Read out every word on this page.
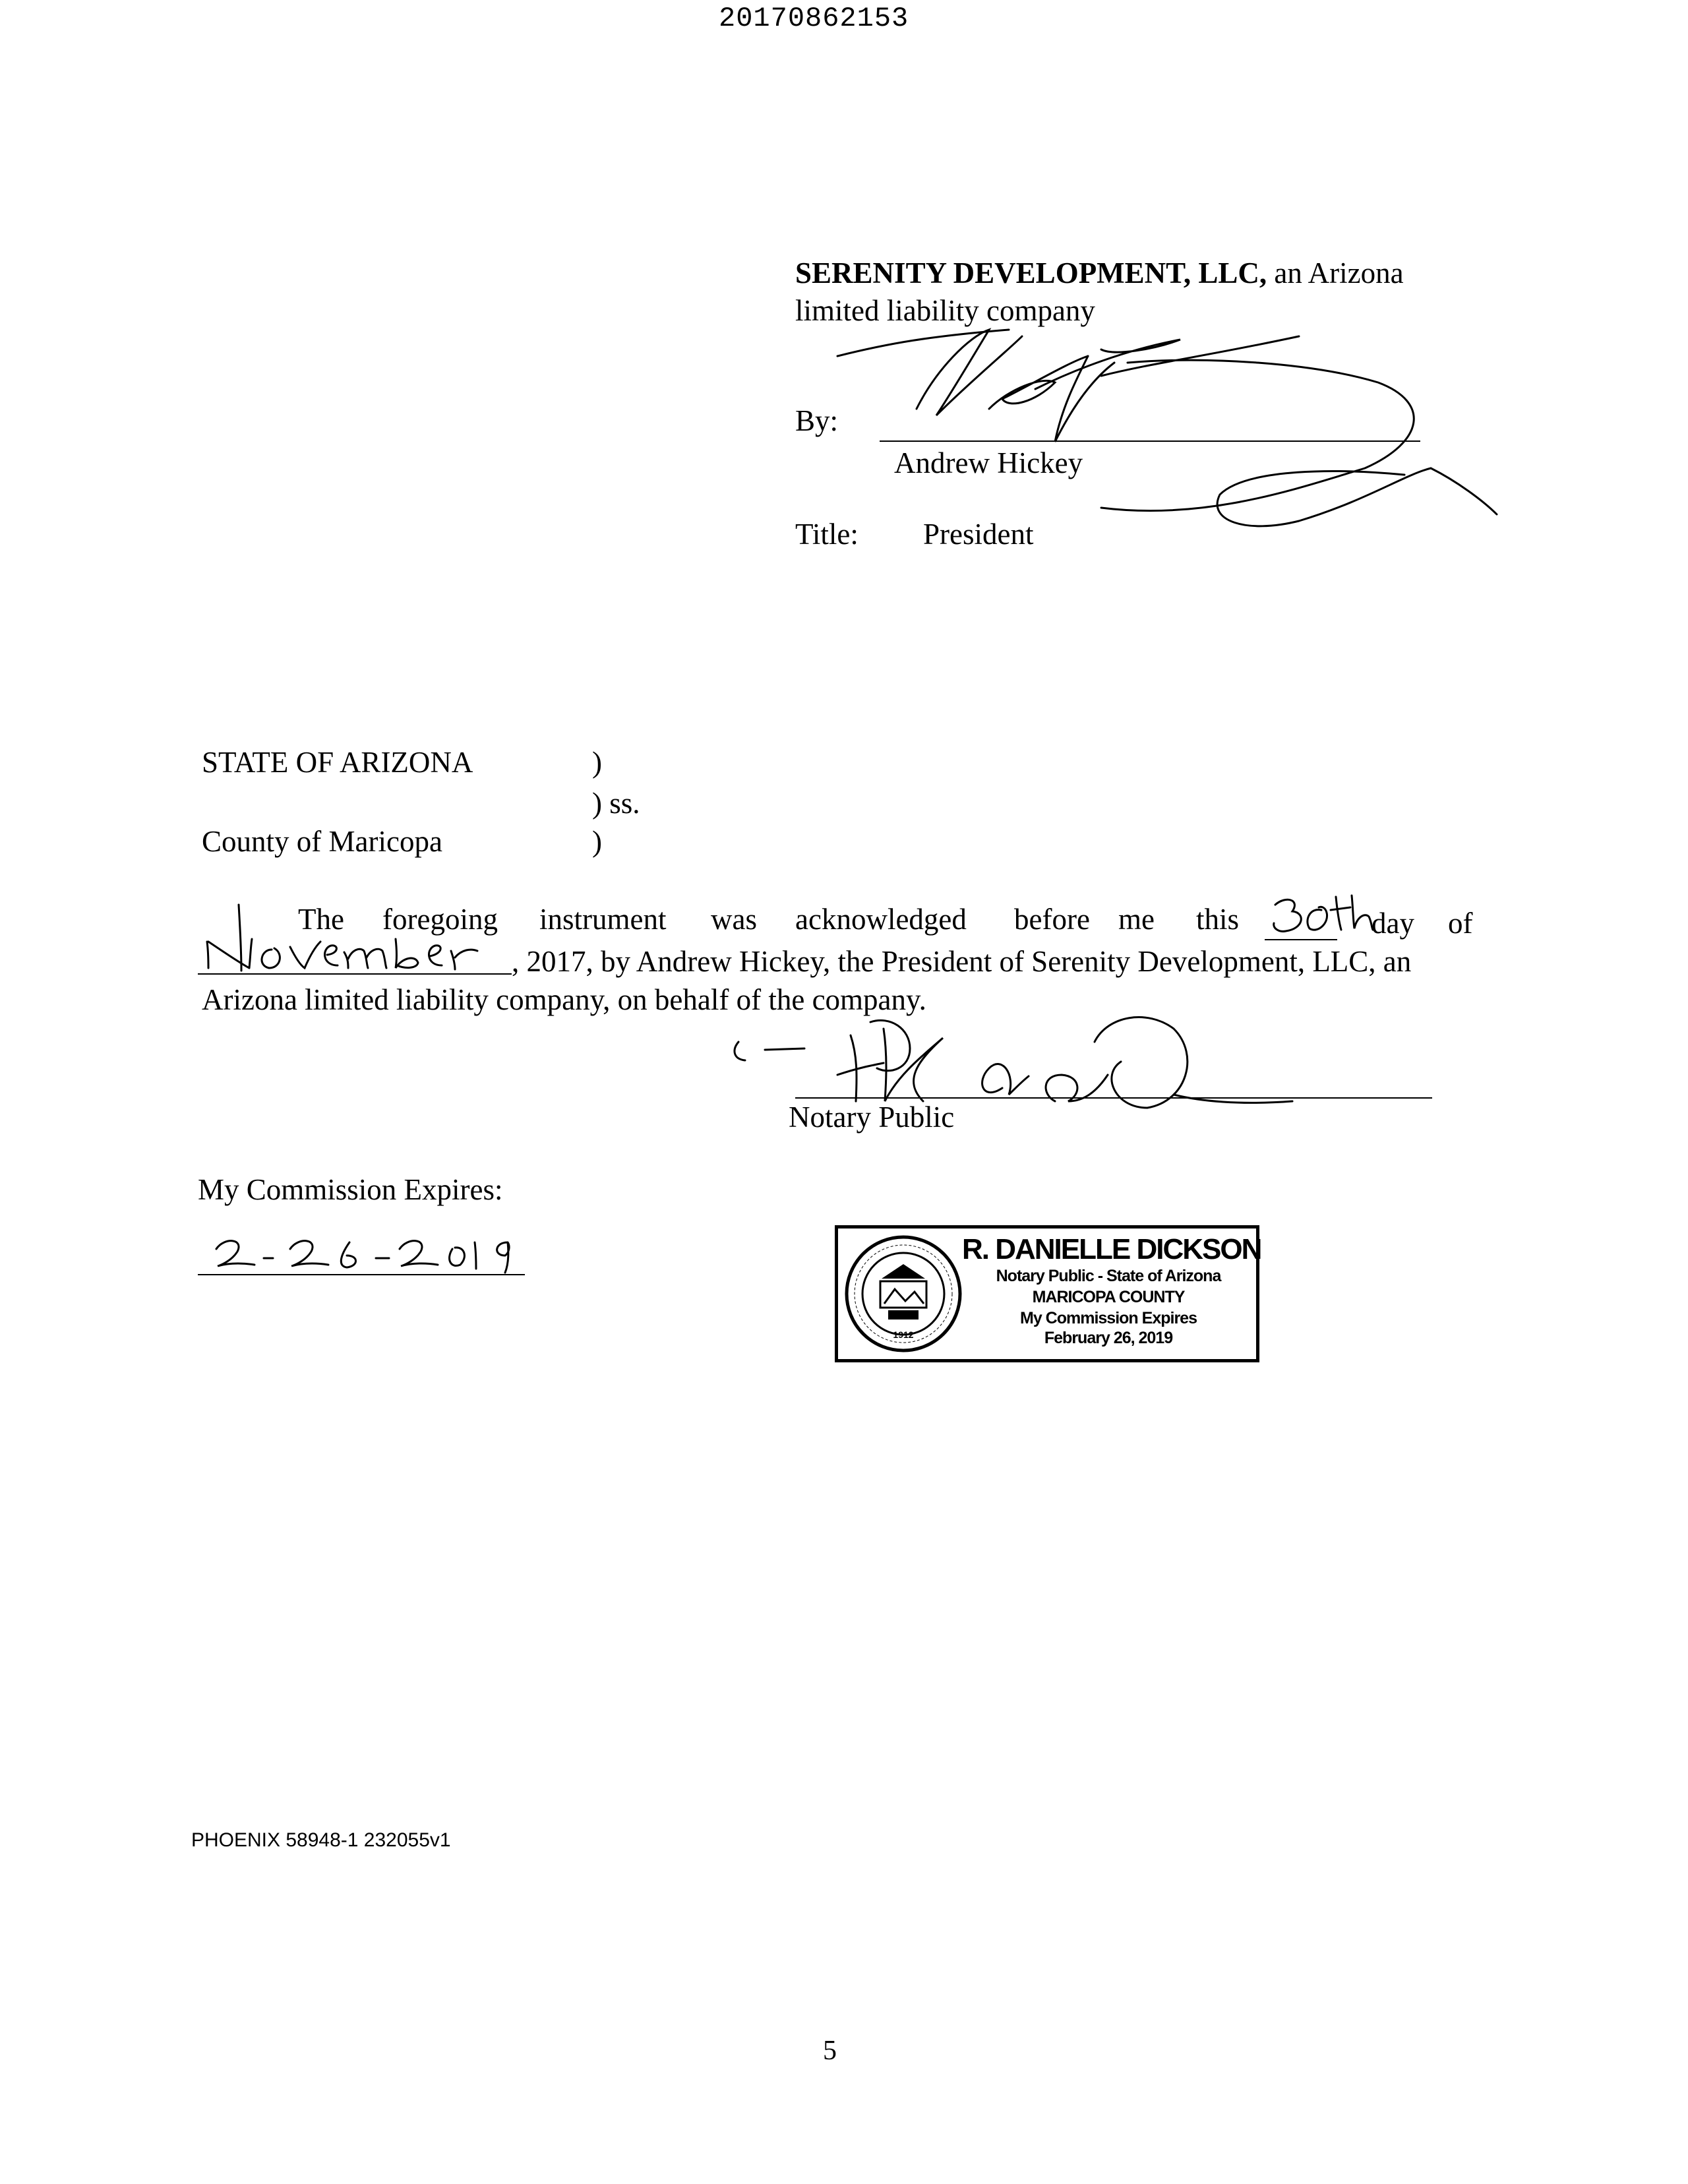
20170862153
SERENITY DEVELOPMENT, LLC, an Arizona
limited liability company
By:
Andrew Hickey
Title: President
STATE OF ARIZONA	)
) ss.
County of Maricopa	)
The foregoing instrument was acknowledged before me this	day of
, 2017, by Andrew Hickey, the President of Serenity Development, LLC, an
Arizona limited liability company, on behalf of the company.
Notary Public
My Commission Expires:
1912
R. DANIELLE DICKSON
Notary Public - State of Arizona
MARICOPA COUNTY
My Commission Expires
February 26, 2019
PHOENIX 58948-1 232055v1
5
